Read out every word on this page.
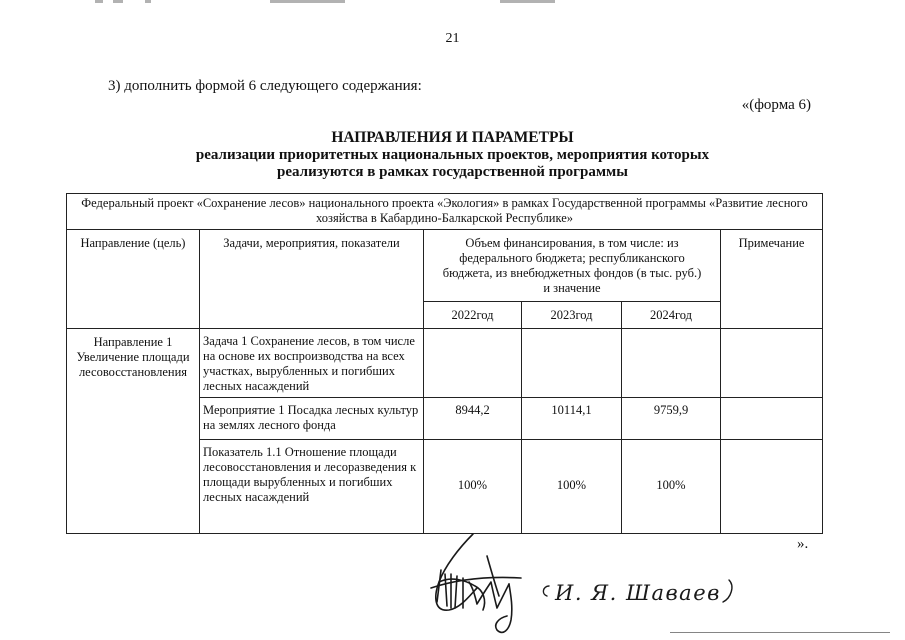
21
3) дополнить формой 6 следующего содержания:
«(форма 6)
НАПРАВЛЕНИЯ И ПАРАМЕТРЫ
реализации приоритетных национальных проектов, мероприятия которых
реализуются в рамках государственной программы
Федеральный проект «Сохранение лесов» национального проекта «Экология» в рамках Государственной программы «Развитие лесного хозяйства в Кабардино-Балкарской Республике»					
Направление (цель)	Задачи, мероприятия, показатели	Объем финансирования, в том числе: из федерального бюджета; республиканского бюджета, из внебюджетных фондов (в тыс. руб.) и значение			Примечание
		2022год	2023год	2024год	
Направление 1 Увеличение площади лесовосстановления	Задача 1 Сохранение лесов, в том числе на основе их воспроизводства на всех участках, вырубленных и погибших лесных насаждений				
	Мероприятие 1 Посадка лесных культур на землях лесного фонда	8944,2	10114,1	9759,9	
	Показатель 1.1 Отношение площади лесовосстановления и лесоразведения к площади вырубленных и погибших лесных насаждений	100%	100%	100%	
».
И. Я. Шаваев
